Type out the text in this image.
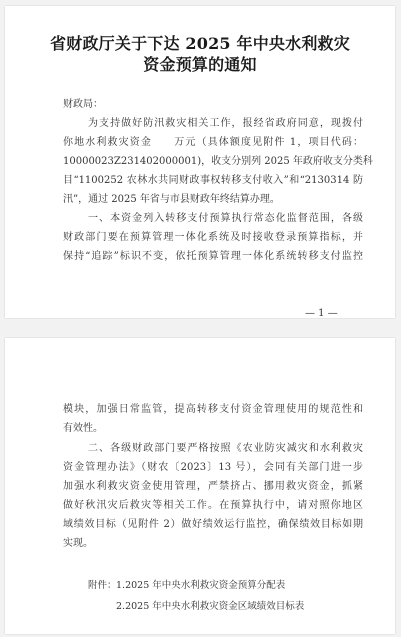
省财政厅关于下达 2025 年中央水利救灾
资金预算的通知
财政局：
为支持做好防汛救灾相关工作，报经省政府同意，现拨付
你地水利救灾资金　　万元（具体额度见附件 1，项目代码：
10000023Z231402000001)，收支分别列 2025 年政府收支分类科
目“1100252 农林水共同财政事权转移支付收入”和“2130314 防
汛”，通过 2025 年省与市县财政年终结算办理。
一、本资金列入转移支付预算执行常态化监督范围，各级
财政部门要在预算管理一体化系统及时接收登录预算指标，并
保持“追踪”标识不变，依托预算管理一体化系统转移支付监控
— 1 —
模块，加强日常监管，提高转移支付资金管理使用的规范性和
有效性。
二、各级财政部门要严格按照《农业防灾减灾和水利救灾
资金管理办法》（财农〔2023〕13 号），会同有关部门进一步
加强水利救灾资金使用管理，严禁挤占、挪用救灾资金，抓紧
做好秋汛灾后救灾等相关工作。在预算执行中，请对照你地区
域绩效目标（见附件 2）做好绩效运行监控，确保绩效目标如期
实现。
附件： 1.2025 年中央水利救灾资金预算分配表
2.2025 年中央水利救灾资金区域绩效目标表
